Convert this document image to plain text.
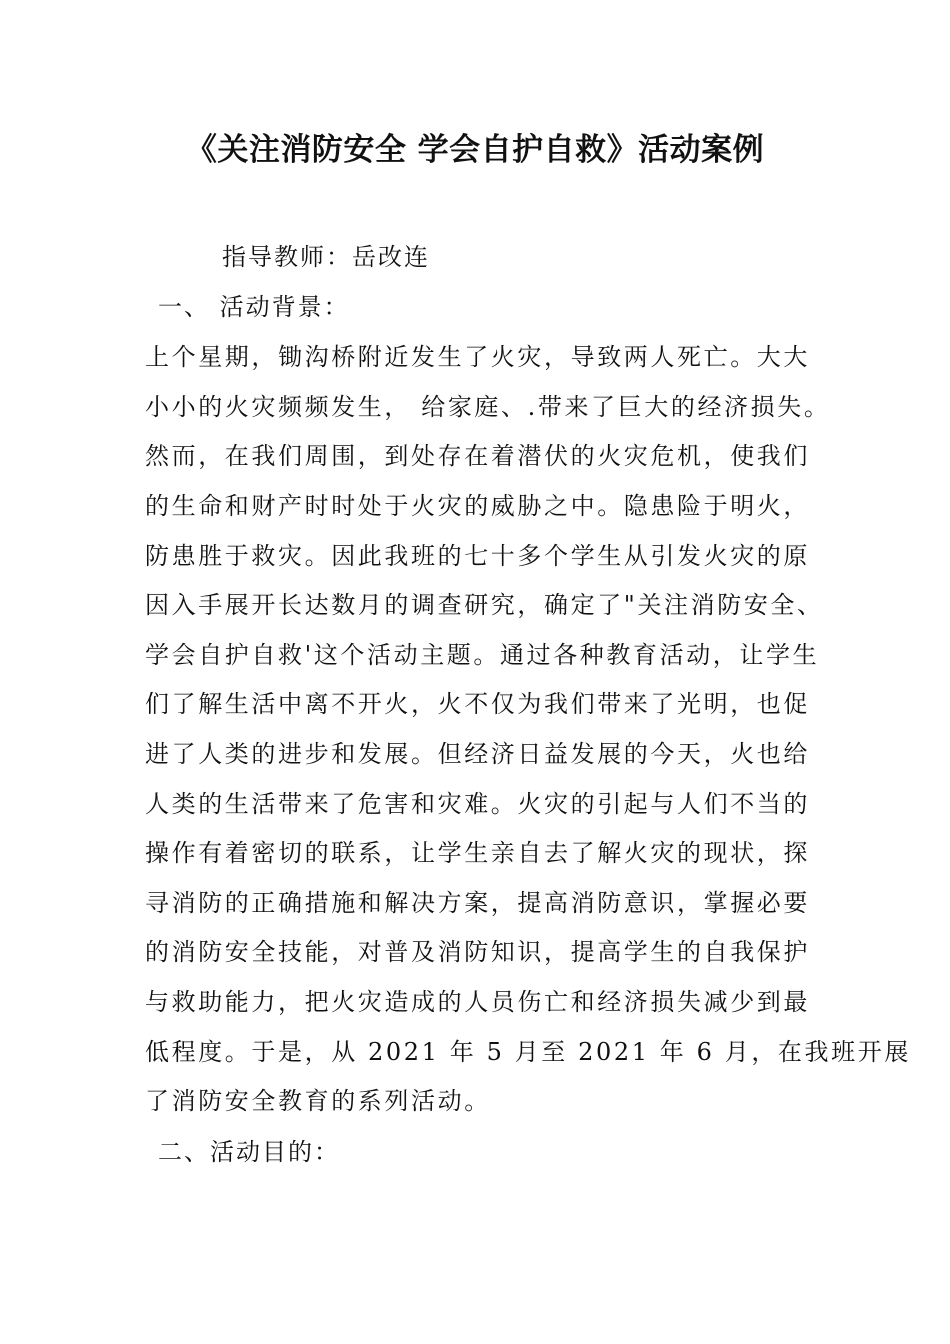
《关注消防安全 学会自护自救》活动案例
指导教师：岳改连
一、 活动背景：
上个星期，锄沟桥附近发生了火灾，导致两人死亡。大大
小小的火灾频频发生， 给家庭、.带来了巨大的经济损失。
然而，在我们周围，到处存在着潜伏的火灾危机，使我们
的生命和财产时时处于火灾的威胁之中。隐患险于明火，
防患胜于救灾。因此我班的七十多个学生从引发火灾的原
因入手展开长达数月的调查研究，确定了"关注消防安全、
学会自护自救'这个活动主题。通过各种教育活动，让学生
们了解生活中离不开火，火不仅为我们带来了光明，也促
进了人类的进步和发展。但经济日益发展的今天，火也给
人类的生活带来了危害和灾难。火灾的引起与人们不当的
操作有着密切的联系，让学生亲自去了解火灾的现状，探
寻消防的正确措施和解决方案，提高消防意识，掌握必要
的消防安全技能，对普及消防知识，提高学生的自我保护
与救助能力，把火灾造成的人员伤亡和经济损失减少到最
低程度。于是，从 2021 年 5 月至 2021 年 6 月，在我班开展
了消防安全教育的系列活动。
二、活动目的：
